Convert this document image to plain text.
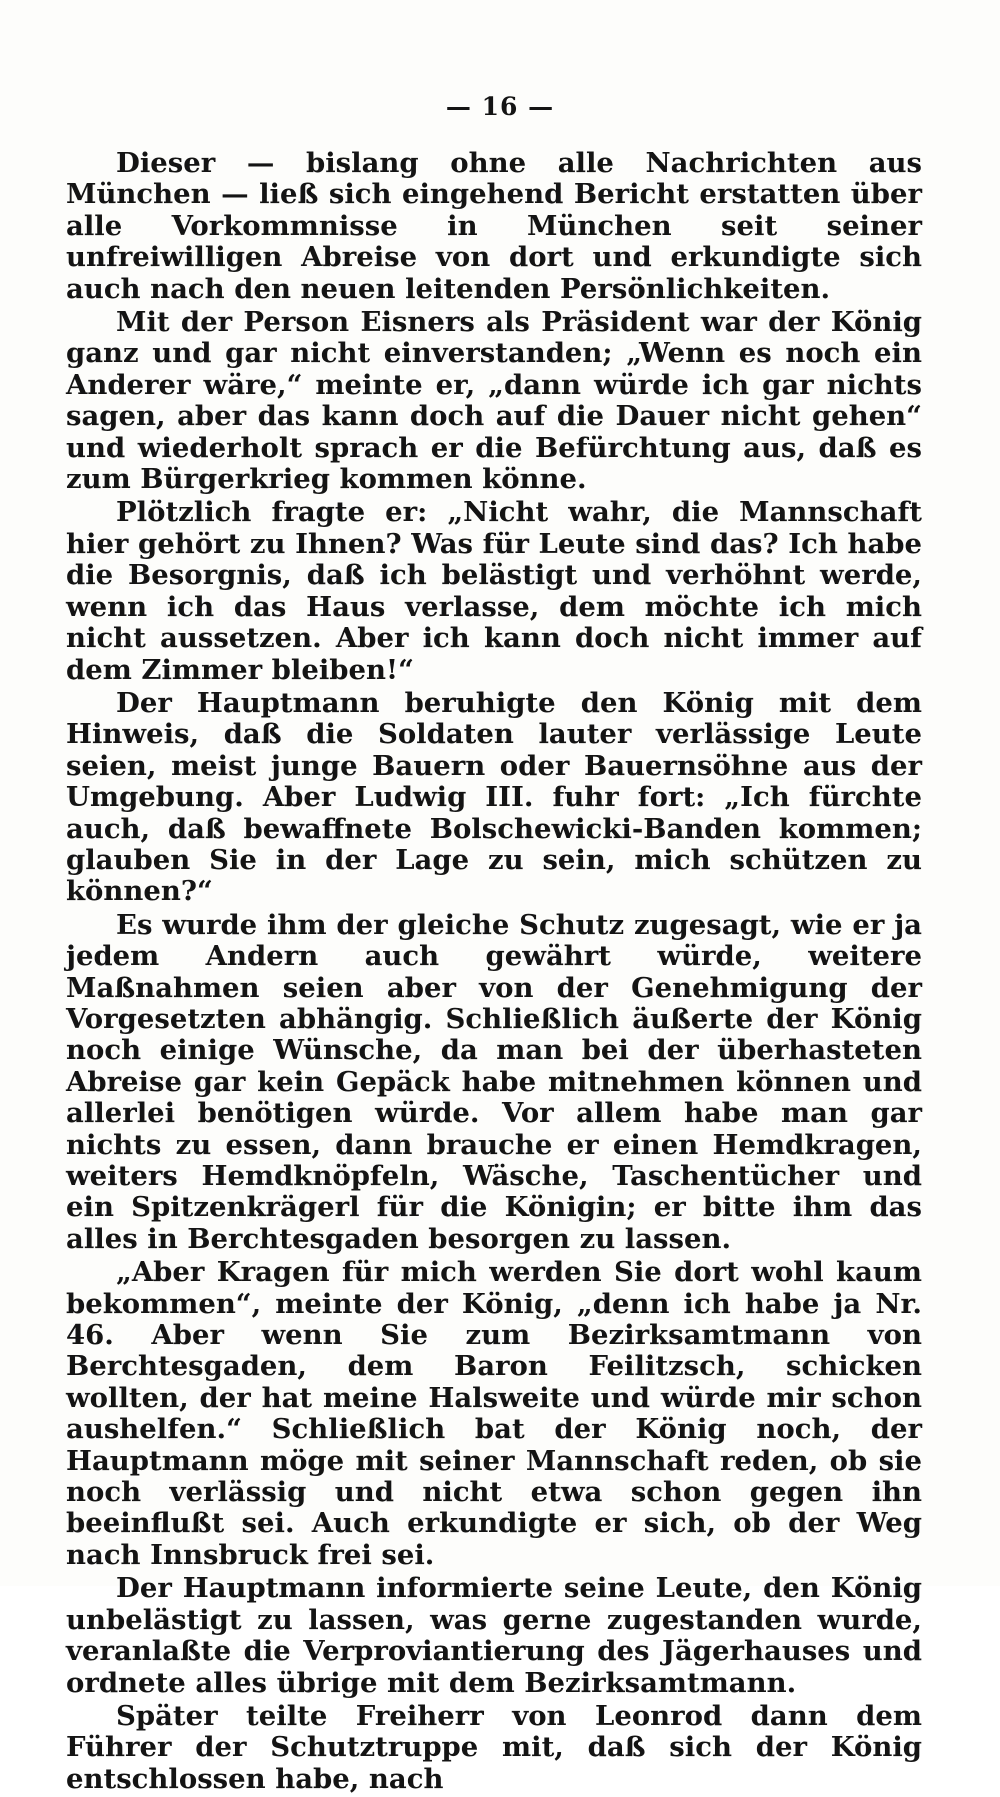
— 16 —

Dieser — bislang ohne alle Nachrichten aus München — ließ sich eingehend Bericht erstatten über alle Vorkommnisse in München seit seiner unfreiwilligen Abreise von dort und erkundigte sich auch nach den neuen leitenden Persönlichkeiten.

Mit der Person Eisners als Präsident war der König ganz und gar nicht einverstanden; „Wenn es noch ein Anderer wäre,“ meinte er, „dann würde ich gar nichts sagen, aber das kann doch auf die Dauer nicht gehen“ und wiederholt sprach er die Befürchtung aus, daß es zum Bürgerkrieg kommen könne.

Plötzlich fragte er: „Nicht wahr, die Mannschaft hier gehört zu Ihnen? Was für Leute sind das? Ich habe die Besorgnis, daß ich belästigt und verhöhnt werde, wenn ich das Haus verlasse, dem möchte ich mich nicht aussetzen. Aber ich kann doch nicht immer auf dem Zimmer bleiben!“

Der Hauptmann beruhigte den König mit dem Hinweis, daß die Soldaten lauter verlässige Leute seien, meist junge Bauern oder Bauernsöhne aus der Umgebung. Aber Ludwig III. fuhr fort: „Ich fürchte auch, daß bewaffnete Bolschewicki-Banden kommen; glauben Sie in der Lage zu sein, mich schützen zu können?“

Es wurde ihm der gleiche Schutz zugesagt, wie er ja jedem Andern auch gewährt würde, weitere Maßnahmen seien aber von der Genehmigung der Vorgesetzten abhängig. Schließlich äußerte der König noch einige Wünsche, da man bei der überhasteten Abreise gar kein Gepäck habe mitnehmen können und allerlei benötigen würde. Vor allem habe man gar nichts zu essen, dann brauche er einen Hemdkragen, weiters Hemdknöpfeln, Wäsche, Taschentücher und ein Spitzenkrägerl für die Königin; er bitte ihm das alles in Berchtesgaden besorgen zu lassen.

„Aber Kragen für mich werden Sie dort wohl kaum bekommen“, meinte der König, „denn ich habe ja Nr. 46. Aber wenn Sie zum Bezirksamtmann von Berchtesgaden, dem Baron Feilitzsch, schicken wollten, der hat meine Halsweite und würde mir schon aushelfen.“ Schließlich bat der König noch, der Hauptmann möge mit seiner Mannschaft reden, ob sie noch verlässig und nicht etwa schon gegen ihn beeinflußt sei. Auch erkundigte er sich, ob der Weg nach Innsbruck frei sei.

Der Hauptmann informierte seine Leute, den König unbelästigt zu lassen, was gerne zugestanden wurde, veranlaßte die Verproviantierung des Jägerhauses und ordnete alles übrige mit dem Bezirksamtmann.

Später teilte Freiherr von Leonrod dann dem Führer der Schutztruppe mit, daß sich der König entschlossen habe, nach
